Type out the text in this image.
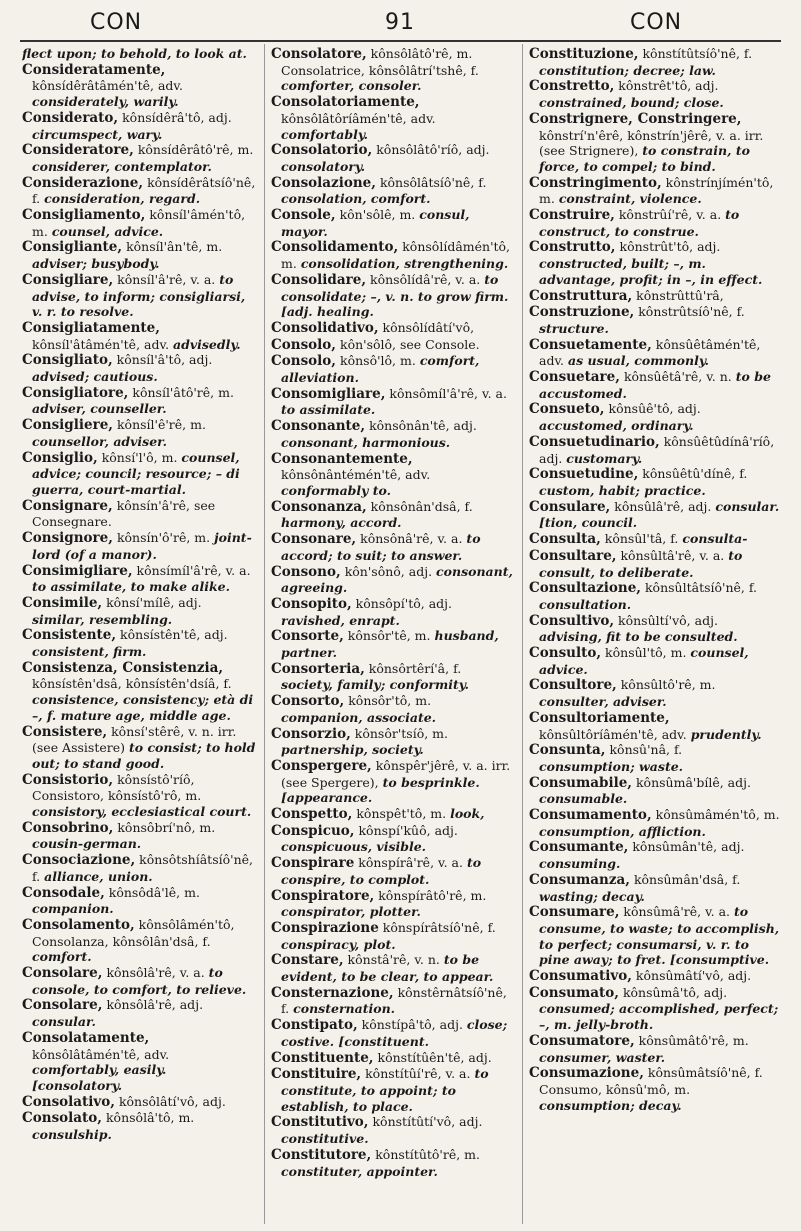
CON	91	CON

flect upon; to behold, to look at.

Consideratamente, kônsídêrâtâmén'tê, adv. considerately, warily.

Considerato, kônsídêrâ'tô, adj. circumspect, wary.

Consideratore, kônsídêrâtô'rê, m. considerer, contemplator.

Considerazione, kônsídêrâtsíô'nê, f. consideration, regard.

Consigliamento, kônsíl'âmén'tô, m. counsel, advice.

Consigliante, kônsíl'ân'tê, m. adviser; busybody.

Consigliare, kônsíl'â'rê, v. a. to advise, to inform; consigliarsi, v. r. to resolve.

Consigliatamente, kônsíl'âtâmén'tê, adv. advisedly.

Consigliato, kônsíl'â'tô, adj. advised; cautious.

Consigliatore, kônsíl'âtô'rê, m. adviser, counseller.

Consigliere, kônsíl'ê'rê, m. counsellor, adviser.

Consiglio, kônsí'l'ô, m. counsel, advice; council; resource; – di guerra, court-martial.

Consignare, kônsín'â'rê, see Consegnare.

Consignore, kônsín'ô'rê, m. joint-lord (of a manor).

Consimigliare, kônsímíl'â'rê, v. a. to assimilate, to make alike.

Consimile, kônsí'mílê, adj. similar, resembling.

Consistente, kônsístên'tê, adj. consistent, firm.

Consistenza, Consistenzia, kônsístên'dsâ, kônsístên'dsíâ, f. consistence, consistency; età di –, f. mature age, middle age.

Consistere, kônsí'stêrê, v. n. irr. (see Assistere) to consist; to hold out; to stand good.

Consistorio, kônsístô'ríô, Consistoro, kônsístô'rô, m. consistory, ecclesiastical court.

Consobrino, kônsôbrí'nô, m. cousin-german.

Consociazione, kônsôtshíâtsíô'nê, f. alliance, union.

Consodale, kônsôdâ'lê, m. companion.

Consolamento, kônsôlâmén'tô, Consolanza, kônsôlân'dsâ, f. comfort.

Consolare, kônsôlâ'rê, v. a. to console, to comfort, to relieve.

Consolare, kônsôlâ'rê, adj. consular.

Consolatamente, kônsôlâtâmén'tê, adv. comfortably, easily. [consolatory.

Consolativo, kônsôlâtí'vô, adj.

Consolato, kônsôlâ'tô, m. consulship.

Consolatore, kônsôlâtô'rê, m. Consolatrice, kônsôlâtrí'tshê, f. comforter, consoler.

Consolatoriamente, kônsôlâtôríâmén'tê, adv. comfortably.

Consolatorio, kônsôlâtô'ríô, adj. consolatory.

Consolazione, kônsôlâtsíô'nê, f. consolation, comfort.

Console, kôn'sôlê, m. consul, mayor.

Consolidamento, kônsôlídâmén'tô, m. consolidation, strengthening.

Consolidare, kônsôlídâ'rê, v. a. to consolidate; –, v. n. to grow firm. [adj. healing.

Consolidativo, kônsôlídâtí'vô,

Consolo, kôn'sôlô, see Console.

Consolo, kônsô'lô, m. comfort, alleviation.

Consomigliare, kônsômíl'â'rê, v. a. to assimilate.

Consonante, kônsônân'tê, adj. consonant, harmonious.

Consonantemente, kônsônântémén'tê, adv. conformably to.

Consonanza, kônsônân'dsâ, f. harmony, accord.

Consonare, kônsônâ'rê, v. a. to accord; to suit; to answer.

Consono, kôn'sônô, adj. consonant, agreeing.

Consopito, kônsôpí'tô, adj. ravished, enrapt.

Consorte, kônsôr'tê, m. husband, partner.

Consorteria, kônsôrtêrí'â, f. society, family; conformity.

Consorto, kônsôr'tô, m. companion, associate.

Consorzio, kônsôr'tsíô, m. partnership, society.

Conspergere, kônspêr'jêrê, v. a. irr. (see Spergere), to besprinkle. [appearance.

Conspetto, kônspêt'tô, m. look,

Conspicuo, kônspí'kûô, adj. conspicuous, visible.

Conspirare kônspírâ'rê, v. a. to conspire, to complot.

Conspiratore, kônspírâtô'rê, m. conspirator, plotter.

Conspirazione kônspírâtsíô'nê, f. conspiracy, plot.

Constare, kônstâ'rê, v. n. to be evident, to be clear, to appear.

Consternazione, kônstêrnâtsíô'nê, f. consternation.

Constipato, kônstípâ'tô, adj. close; costive. [constituent.

Constituente, kônstítûên'tê, adj.

Constituire, kônstítûí'rê, v. a. to constitute, to appoint; to establish, to place.

Constitutivo, kônstítûtí'vô, adj. constitutive.

Constitutore, kônstítûtô'rê, m. constituter, appointer.

Constituzione, kônstítûtsíô'nê, f. constitution; decree; law.

Constretto, kônstrêt'tô, adj. constrained, bound; close.

Constrignere, Constringere, kônstrí'n'êrê, kônstrín'jêrê, v. a. irr. (see Strignere), to constrain, to force, to compel; to bind.

Constringimento, kônstrínjímén'tô, m. constraint, violence.

Construire, kônstrûí'rê, v. a. to construct, to construe.

Construtto, kônstrût'tô, adj. constructed, built; –, m. advantage, profit; in –, in effect.

Construttura, kônstrûttû'râ,

Construzione, kônstrûtsíô'nê, f. structure.

Consuetamente, kônsûêtâmén'tê, adv. as usual, commonly.

Consuetare, kônsûêtâ'rê, v. n. to be accustomed.

Consueto, kônsûê'tô, adj. accustomed, ordinary.

Consuetudinario, kônsûêtûdínâ'ríô, adj. customary.

Consuetudine, kônsûêtû'dínê, f. custom, habit; practice.

Consulare, kônsûlâ'rê, adj. consular. [tion, council.

Consulta, kônsûl'tâ, f. consulta-

Consultare, kônsûltâ'rê, v. a. to consult, to deliberate.

Consultazione, kônsûltâtsíô'nê, f. consultation.

Consultivo, kônsûltí'vô, adj. advising, fit to be consulted.

Consulto, kônsûl'tô, m. counsel, advice.

Consultore, kônsûltô'rê, m. consulter, adviser.

Consultoriamente, kônsûltôríâmén'tê, adv. prudently.

Consunta, kônsû'nâ, f. consumption; waste.

Consumabile, kônsûmâ'bílê, adj. consumable.

Consumamento, kônsûmâmén'tô, m. consumption, affliction.

Consumante, kônsûmân'tê, adj. consuming.

Consumanza, kônsûmân'dsâ, f. wasting; decay.

Consumare, kônsûmâ'rê, v. a. to consume, to waste; to accomplish, to perfect; consumarsi, v. r. to pine away; to fret. [consumptive.

Consumativo, kônsûmâtí'vô, adj.

Consumato, kônsûmâ'tô, adj. consumed; accomplished, perfect; –, m. jelly-broth.

Consumatore, kônsûmâtô'rê, m. consumer, waster.

Consumazione, kônsûmâtsíô'nê, f. Consumo, kônsû'mô, m. consumption; decay.
